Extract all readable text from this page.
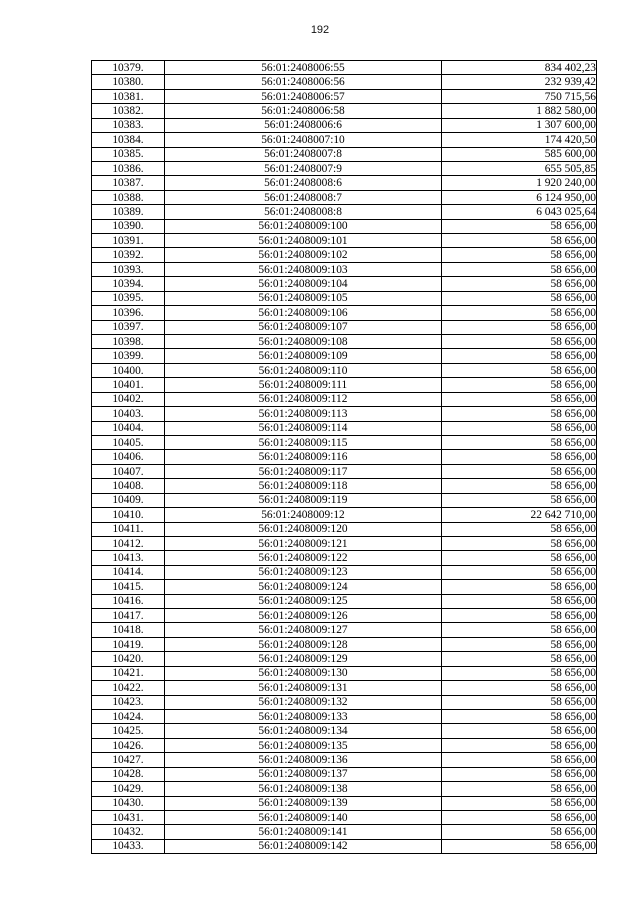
192
10379.	56:01:2408006:55	834 402,23
10380.	56:01:2408006:56	232 939,42
10381.	56:01:2408006:57	750 715,56
10382.	56:01:2408006:58	1 882 580,00
10383.	56:01:2408006:6	1 307 600,00
10384.	56:01:2408007:10	174 420,50
10385.	56:01:2408007:8	585 600,00
10386.	56:01:2408007:9	655 505,85
10387.	56:01:2408008:6	1 920 240,00
10388.	56:01:2408008:7	6 124 950,00
10389.	56:01:2408008:8	6 043 025,64
10390.	56:01:2408009:100	58 656,00
10391.	56:01:2408009:101	58 656,00
10392.	56:01:2408009:102	58 656,00
10393.	56:01:2408009:103	58 656,00
10394.	56:01:2408009:104	58 656,00
10395.	56:01:2408009:105	58 656,00
10396.	56:01:2408009:106	58 656,00
10397.	56:01:2408009:107	58 656,00
10398.	56:01:2408009:108	58 656,00
10399.	56:01:2408009:109	58 656,00
10400.	56:01:2408009:110	58 656,00
10401.	56:01:2408009:111	58 656,00
10402.	56:01:2408009:112	58 656,00
10403.	56:01:2408009:113	58 656,00
10404.	56:01:2408009:114	58 656,00
10405.	56:01:2408009:115	58 656,00
10406.	56:01:2408009:116	58 656,00
10407.	56:01:2408009:117	58 656,00
10408.	56:01:2408009:118	58 656,00
10409.	56:01:2408009:119	58 656,00
10410.	56:01:2408009:12	22 642 710,00
10411.	56:01:2408009:120	58 656,00
10412.	56:01:2408009:121	58 656,00
10413.	56:01:2408009:122	58 656,00
10414.	56:01:2408009:123	58 656,00
10415.	56:01:2408009:124	58 656,00
10416.	56:01:2408009:125	58 656,00
10417.	56:01:2408009:126	58 656,00
10418.	56:01:2408009:127	58 656,00
10419.	56:01:2408009:128	58 656,00
10420.	56:01:2408009:129	58 656,00
10421.	56:01:2408009:130	58 656,00
10422.	56:01:2408009:131	58 656,00
10423.	56:01:2408009:132	58 656,00
10424.	56:01:2408009:133	58 656,00
10425.	56:01:2408009:134	58 656,00
10426.	56:01:2408009:135	58 656,00
10427.	56:01:2408009:136	58 656,00
10428.	56:01:2408009:137	58 656,00
10429.	56:01:2408009:138	58 656,00
10430.	56:01:2408009:139	58 656,00
10431.	56:01:2408009:140	58 656,00
10432.	56:01:2408009:141	58 656,00
10433.	56:01:2408009:142	58 656,00
